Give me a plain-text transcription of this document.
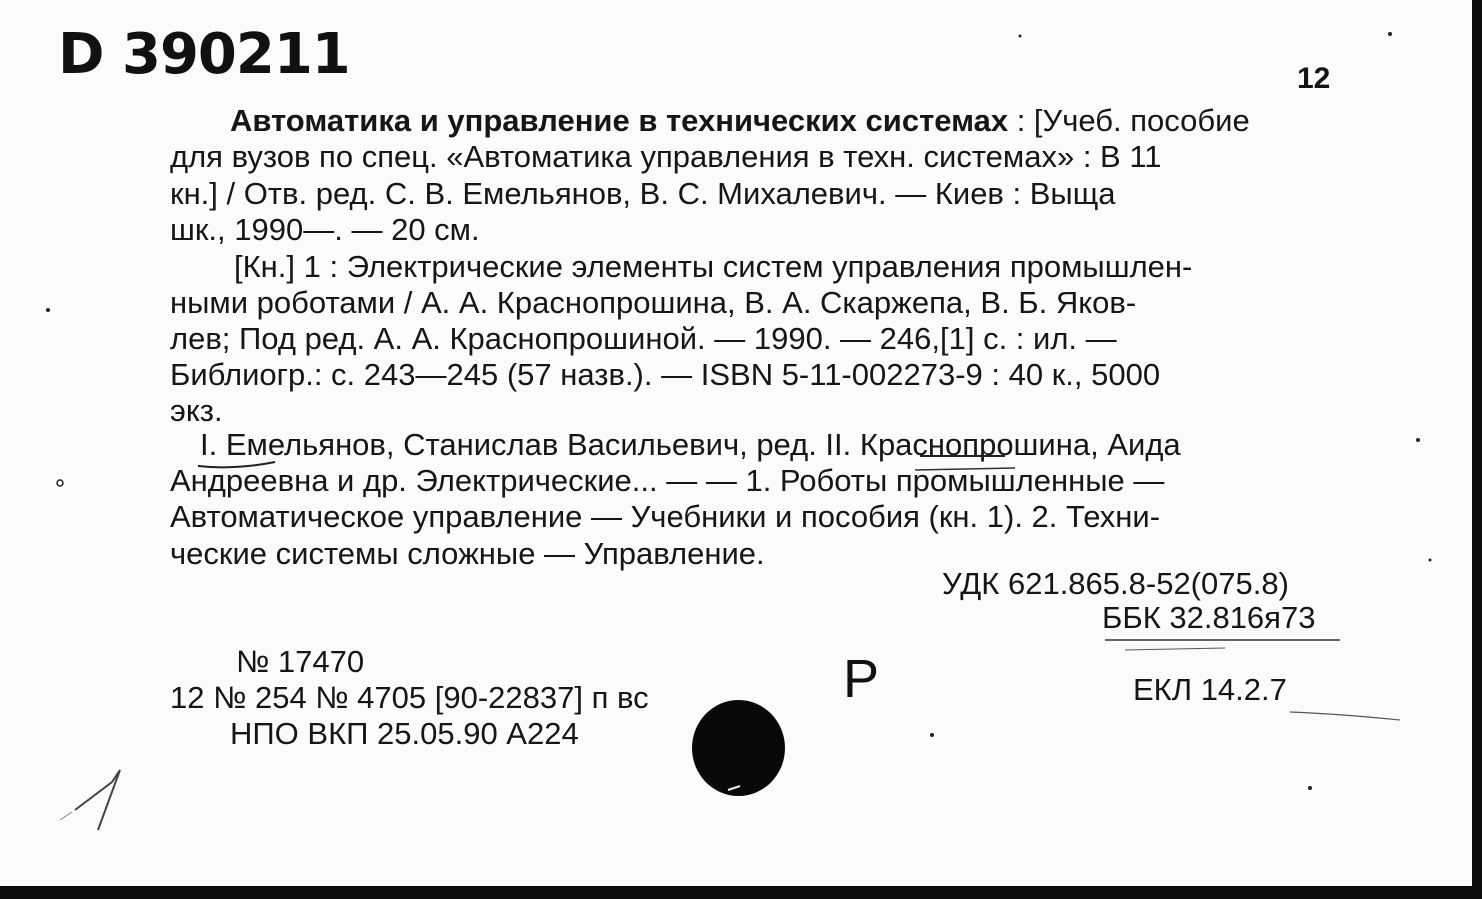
D 390211	12
Автоматика и управление в технических системах : [Учеб. пособие
для вузов по спец. «Автоматика управления в техн. системах» : В 11
кн.] / Отв. ред. С. В. Емельянов, В. С. Михалевич. — Киев : Выща
шк., 1990—. — 20 см.
[Кн.] 1 : Электрические элементы систем управления промышлен-
ными роботами / А. А. Краснопрошина, В. А. Скаржепа, В. Б. Яков-
лев; Под ред. А. А. Краснопрошиной. — 1990. — 246,[1] с. : ил. —
Библиогр.: с. 243—245 (57 назв.). — ISBN 5-11-002273-9 : 40 к., 5000
экз.
I. Емельянов, Станислав Васильевич, ред. II. Краснопрошина, Аида
Андреевна и др. Электрические... — — 1. Роботы промышленные —
Автоматическое управление — Учебники и пособия (кн. 1). 2. Техни-
ческие системы сложные — Управление.
УДК 621.865.8-52(075.8)
ББК 32.816я73
ЕКЛ 14.2.7
№ 17470
12 № 254 № 4705 [90-22837] п вс
НПО ВКП 25.05.90 А224
Р
